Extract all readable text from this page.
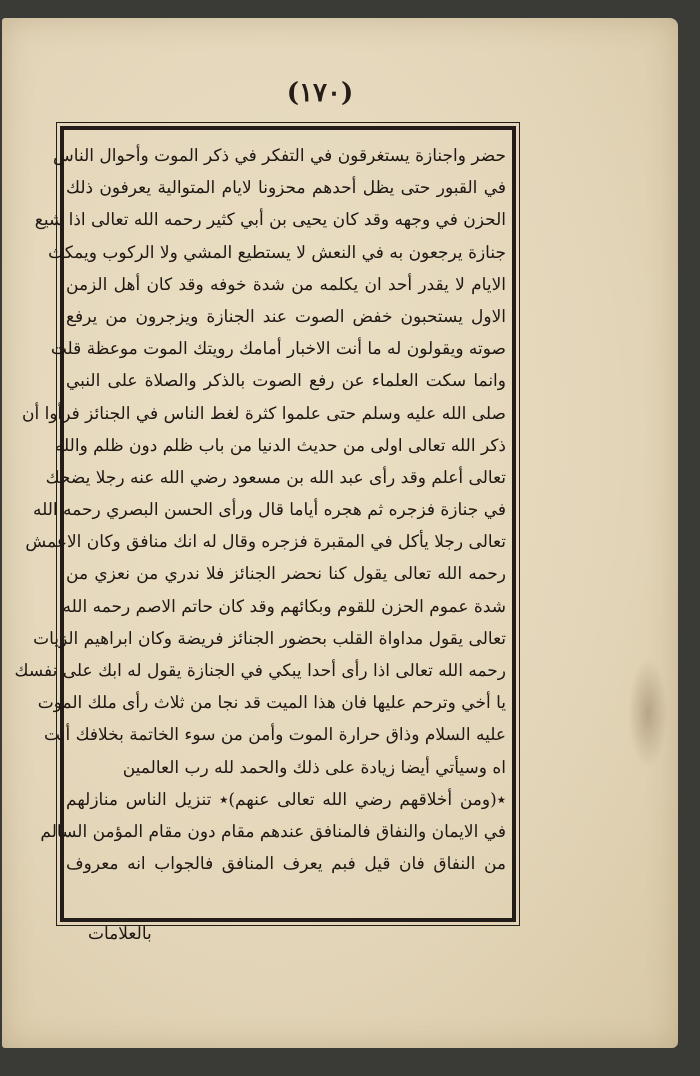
(١٧٠)
حضر واجنازة يستغرقون في التفكر في ذكر الموت وأحوال الناس
في القبور حتى يظل أحدهم محزونا لايام المتوالية يعرفون ذلك
الحزن في وجهه وقد كان يحيى بن أبي كثير رحمه الله تعالى اذا شيع
جنازة يرجعون به في النعش لا يستطيع المشي ولا الركوب ويمكث
الايام لا يقدر أحد ان يكلمه من شدة خوفه وقد كان أهل الزمن
الاول يستحبون خفض الصوت عند الجنازة ويزجرون من يرفع
صوته ويقولون له ما أنت الاخبار أمامك رويتك الموت موعظة قلت
وانما سكت العلماء عن رفع الصوت بالذكر والصلاة على النبي
صلى الله عليه وسلم حتى علموا كثرة لغط الناس في الجنائز فرأوا أن
ذكر الله تعالى اولى من حديث الدنيا من باب ظلم دون ظلم والله
تعالى أعلم وقد رأى عبد الله بن مسعود رضي الله عنه رجلا يضحك
في جنازة فزجره ثم هجره أياما قال ورأى الحسن البصري رحمه الله
تعالى رجلا يأكل في المقبرة فزجره وقال له انك منافق وكان الاعمش
رحمه الله تعالى يقول كنا نحضر الجنائز فلا ندري من نعزي من
شدة عموم الحزن للقوم وبكائهم وقد كان حاتم الاصم رحمه الله
تعالى يقول مداواة القلب بحضور الجنائز فريضة وكان ابراهيم الزيات
رحمه الله تعالى اذا رأى أحدا يبكي في الجنازة يقول له ابك على نفسك
يا أخي وترحم عليها فان هذا الميت قد نجا من ثلاث رأى ملك الموت
عليه السلام وذاق حرارة الموت وأمن من سوء الخاتمة بخلافك أنت
اه وسيأتي أيضا زيادة على ذلك والحمد لله رب العالمين
٭(ومن أخلاقهم رضي الله تعالى عنهم)٭ تنزيل الناس منازلهم
في الايمان والنفاق فالمنافق عندهم مقام دون مقام المؤمن السالم
من النفاق فان قيل فبم يعرف المنافق فالجواب انه معروف
بالعلامات
